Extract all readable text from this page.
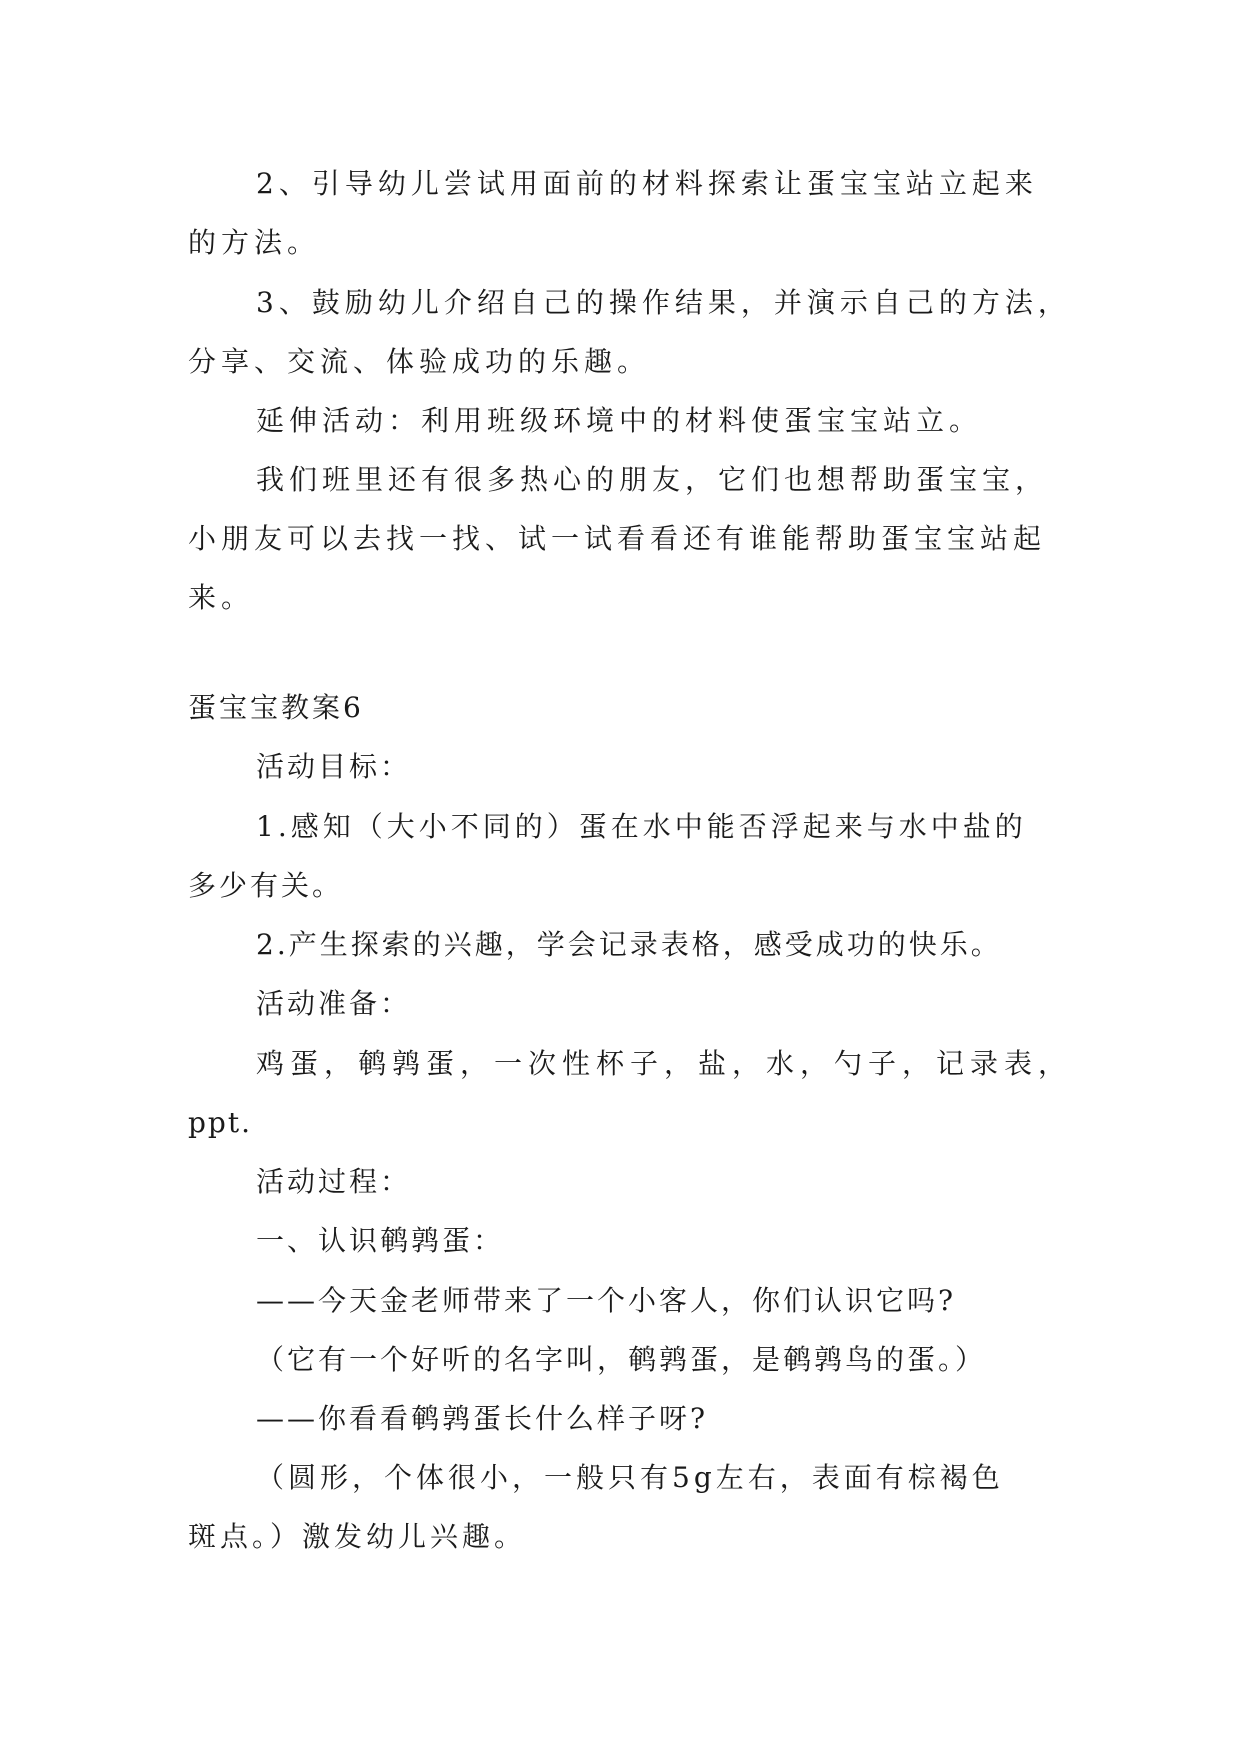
2、引导幼儿尝试用面前的材料探索让蛋宝宝站立起来
的方法。
3、鼓励幼儿介绍自己的操作结果，并演示自己的方法，
分享、交流、体验成功的乐趣。
延伸活动：利用班级环境中的材料使蛋宝宝站立。
我们班里还有很多热心的朋友，它们也想帮助蛋宝宝，
小朋友可以去找一找、试一试看看还有谁能帮助蛋宝宝站起
来。
蛋宝宝教案6
活动目标：
1.感知（大小不同的）蛋在水中能否浮起来与水中盐的
多少有关。
2.产生探索的兴趣，学会记录表格，感受成功的快乐。
活动准备：
鸡蛋，鹌鹑蛋，一次性杯子，盐，水，勺子，记录表，
ppt.
活动过程：
一、认识鹌鹑蛋：
——今天金老师带来了一个小客人，你们认识它吗?
（它有一个好听的名字叫，鹌鹑蛋，是鹌鹑鸟的蛋。）
——你看看鹌鹑蛋长什么样子呀?
（圆形，个体很小，一般只有5g左右，表面有棕褐色
斑点。）激发幼儿兴趣。
